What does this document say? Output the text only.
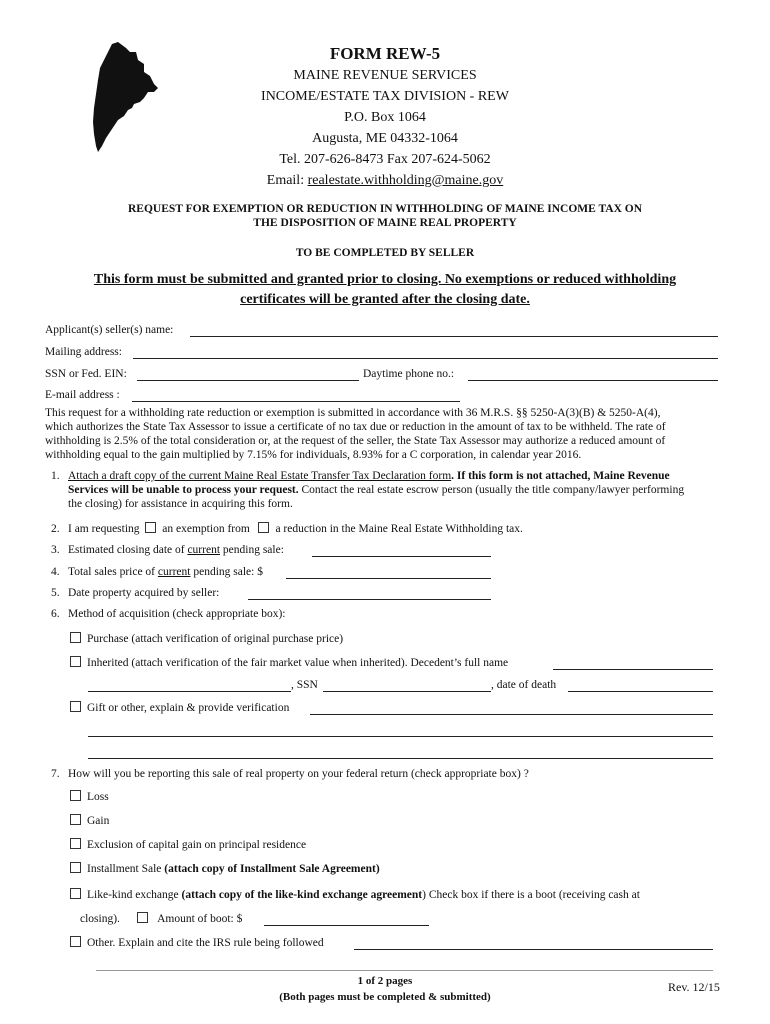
FORM REW-5
MAINE REVENUE SERVICES
INCOME/ESTATE TAX DIVISION - REW
P.O. Box 1064
Augusta, ME 04332-1064
Tel. 207-626-8473 Fax 207-624-5062
Email: realestate.withholding@maine.gov
REQUEST FOR EXEMPTION OR REDUCTION IN WITHHOLDING OF MAINE INCOME TAX ON
THE DISPOSITION OF MAINE REAL PROPERTY
TO BE COMPLETED BY SELLER
This form must be submitted and granted prior to closing. No exemptions or reduced withholding
certificates will be granted after the closing date.
Applicant(s) seller(s) name:
Mailing address:
SSN or Fed. EIN:	Daytime phone no.:
E-mail address :
This request for a withholding rate reduction or exemption is submitted in accordance with 36 M.R.S. §§ 5250-A(3)(B) & 5250-A(4),
which authorizes the State Tax Assessor to issue a certificate of no tax due or reduction in the amount of tax to be withheld. The rate of
withholding is 2.5% of the total consideration or, at the request of the seller, the State Tax Assessor may authorize a reduced amount of
withholding equal to the gain multiplied by 7.15% for individuals, 8.93% for a C corporation, in calendar year 2016.
1. Attach a draft copy of the current Maine Real Estate Transfer Tax Declaration form. If this form is not attached, Maine Revenue
Services will be unable to process your request. Contact the real estate escrow person (usually the title company/lawyer performing
the closing) for assistance in acquiring this form.
2. I am requesting an exemption from a reduction in the Maine Real Estate Withholding tax.
3. Estimated closing date of current pending sale:
4. Total sales price of current pending sale: $
5. Date property acquired by seller:
6. Method of acquisition (check appropriate box):
Purchase (attach verification of original purchase price)
Inherited (attach verification of the fair market value when inherited). Decedent’s full name
, SSN	, date of death
Gift or other, explain & provide verification
7. How will you be reporting this sale of real property on your federal return (check appropriate box) ?
Loss
Gain
Exclusion of capital gain on principal residence
Installment Sale (attach copy of Installment Sale Agreement)
Like-kind exchange (attach copy of the like-kind exchange agreement) Check box if there is a boot (receiving cash at
closing).	Amount of boot: $
Other. Explain and cite the IRS rule being followed
1 of 2 pages
(Both pages must be completed & submitted)
Rev. 12/15
